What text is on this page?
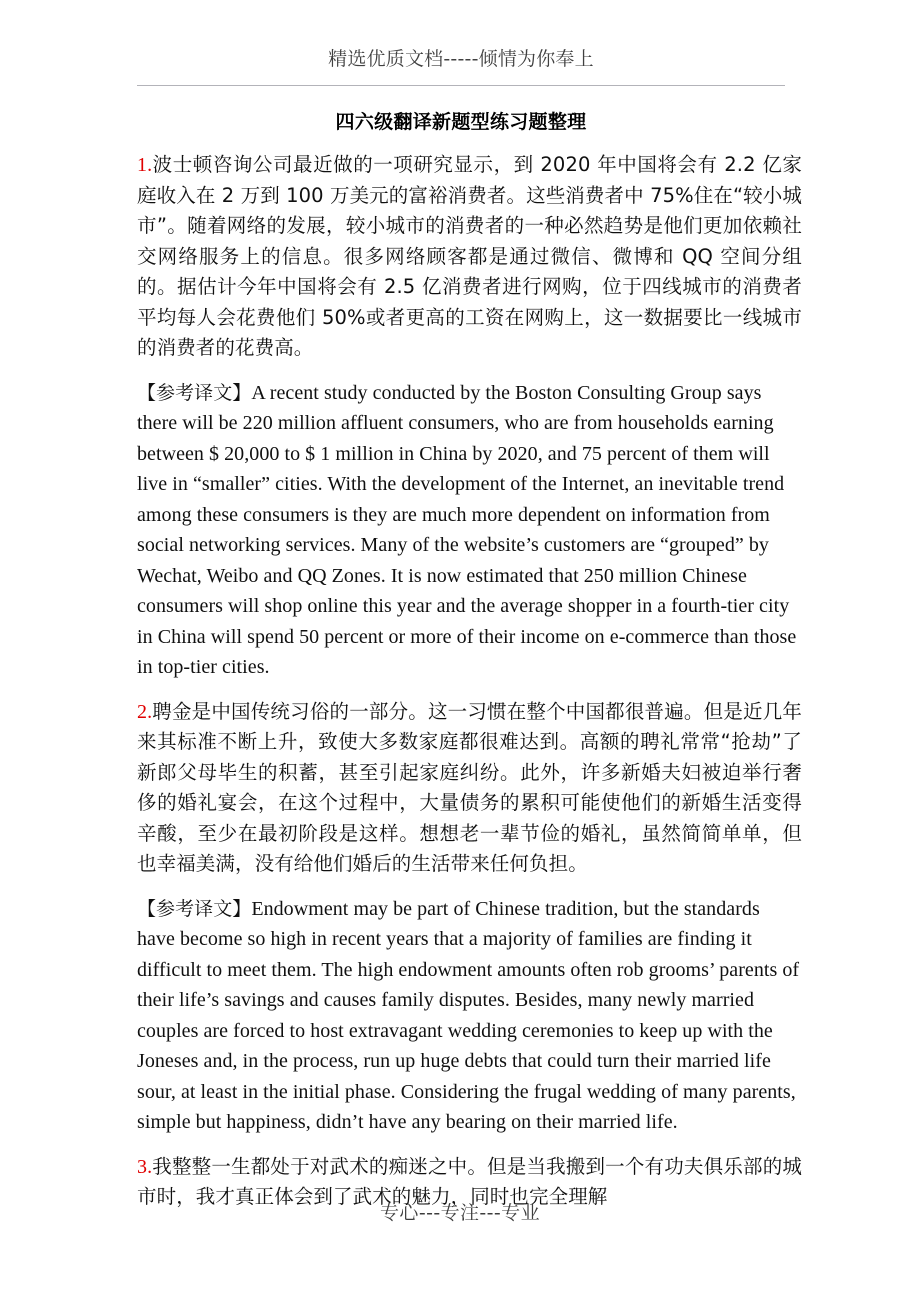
精选优质文档-----倾情为你奉上
四六级翻译新题型练习题整理

1.波士顿咨询公司最近做的一项研究显示，到 2020 年中国将会有 2.2 亿家庭收入在 2 万到 100 万美元的富裕消费者。这些消费者中 75%住在“较小城市”。随着网络的发展，较小城市的消费者的一种必然趋势是他们更加依赖社交网络服务上的信息。很多网络顾客都是通过微信、微博和 QQ 空间分组的。据估计今年中国将会有 2.5 亿消费者进行网购，位于四线城市的消费者平均每人会花费他们 50%或者更高的工资在网购上，这一数据要比一线城市的消费者的花费高。

【参考译文】A recent study conducted by the Boston Consulting Group says there will be 220 million affluent consumers, who are from households earning between $ 20,000 to $ 1 million in China by 2020, and 75 percent of them will live in “smaller” cities. With the development of the Internet, an inevitable trend among these consumers is they are much more dependent on information from social networking services. Many of the website’s customers are “grouped” by Wechat, Weibo and QQ Zones. It is now estimated that 250 million Chinese consumers will shop online this year and the average shopper in a fourth-tier city in China will spend 50 percent or more of their income on e-commerce than those in top-tier cities.

2.聘金是中国传统习俗的一部分。这一习惯在整个中国都很普遍。但是近几年来其标准不断上升，致使大多数家庭都很难达到。高额的聘礼常常“抢劫”了新郎父母毕生的积蓄，甚至引起家庭纠纷。此外，许多新婚夫妇被迫举行奢侈的婚礼宴会，在这个过程中，大量债务的累积可能使他们的新婚生活变得辛酸，至少在最初阶段是这样。想想老一辈节俭的婚礼，虽然简简单单，但也幸福美满，没有给他们婚后的生活带来任何负担。

【参考译文】Endowment may be part of Chinese tradition, but the standards have become so high in recent years that a majority of families are finding it difficult to meet them. The high endowment amounts often rob grooms’ parents of their life’s savings and causes family disputes. Besides, many newly married couples are forced to host extravagant wedding ceremonies to keep up with the Joneses and, in the process, run up huge debts that could turn their married life sour, at least in the initial phase. Considering the frugal wedding of many parents, simple but happiness, didn’t have any bearing on their married life.

3.我整整一生都处于对武术的痴迷之中。但是当我搬到一个有功夫俱乐部的城市时，我才真正体会到了武术的魅力，同时也完全理解

专心---专注---专业
